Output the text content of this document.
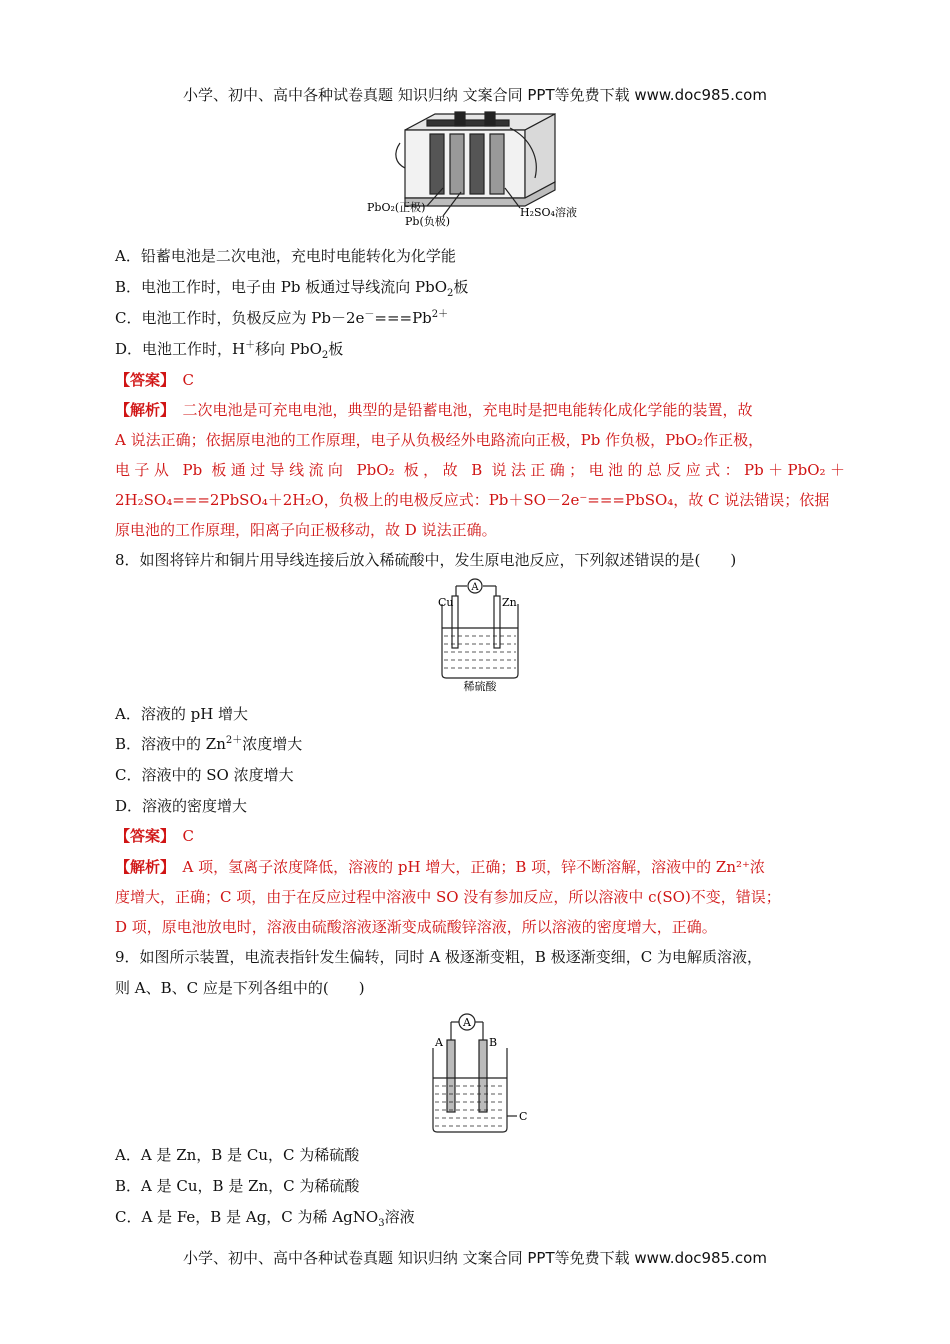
小学、初中、高中各种试卷真题 知识归纳 文案合同 PPT等免费下载 www.doc985.com
PbO₂(正极)
Pb(负极)
H₂SO₄溶液
A．铅蓄电池是二次电池，充电时电能转化为化学能
B．电池工作时，电子由 Pb 板通过导线流向 PbO$_2$板
C．电池工作时，负极反应为 $Pb-2e^-===Pb^{2+}$
D．电池工作时，H＋移向 PbO$_2$板
【答案】　 C
【解析】　 二次电池是可充电电池，典型的是铅蓄电池，充电时是把电能转化成化学能的装置，故
A 说法正确；依据原电池的工作原理，电子从负极经外电路流向正极，Pb 作负极，PbO₂作正极，
电子从 Pb 板通过导线流向 PbO₂ 板，故 B 说法正确；电池的总反应式：Pb＋PbO₂＋
2H₂SO₄===2PbSO₄＋2H₂O，负极上的电极反应式：Pb＋SO－2e⁻===PbSO₄，故 C 说法错误；依据
原电池的工作原理，阳离子向正极移动，故 D 说法正确。
8．如图将锌片和铜片用导线连接后放入稀硫酸中，发生原电池反应，下列叙述错误的是(　　)
A
Cu	Zn
稀硫酸
A．溶液的 pH 增大
B．溶液中的 $Zn^{2+}$浓度增大
C．溶液中的 SO 浓度增大
D．溶液的密度增大
【答案】　 C
【解析】　 A 项，氢离子浓度降低，溶液的 pH 增大，正确；B 项，锌不断溶解，溶液中的 Zn²⁺浓
度增大，正确；C 项，由于在反应过程中溶液中 SO 没有参加反应，所以溶液中 c(SO)不变，错误；
D 项，原电池放电时，溶液由硫酸溶液逐渐变成硫酸锌溶液，所以溶液的密度增大，正确。
9．如图所示装置，电流表指针发生偏转，同时 A 极逐渐变粗，B 极逐渐变细，C 为电解质溶液，
则 A、B、C 应是下列各组中的(　　)
A
A	B
C
A．A 是 Zn，B 是 Cu，C 为稀硫酸
B．A 是 Cu，B 是 Zn，C 为稀硫酸
C．A 是 Fe，B 是 Ag，C 为稀 AgNO$_3$溶液
小学、初中、高中各种试卷真题 知识归纳 文案合同 PPT等免费下载 www.doc985.com
